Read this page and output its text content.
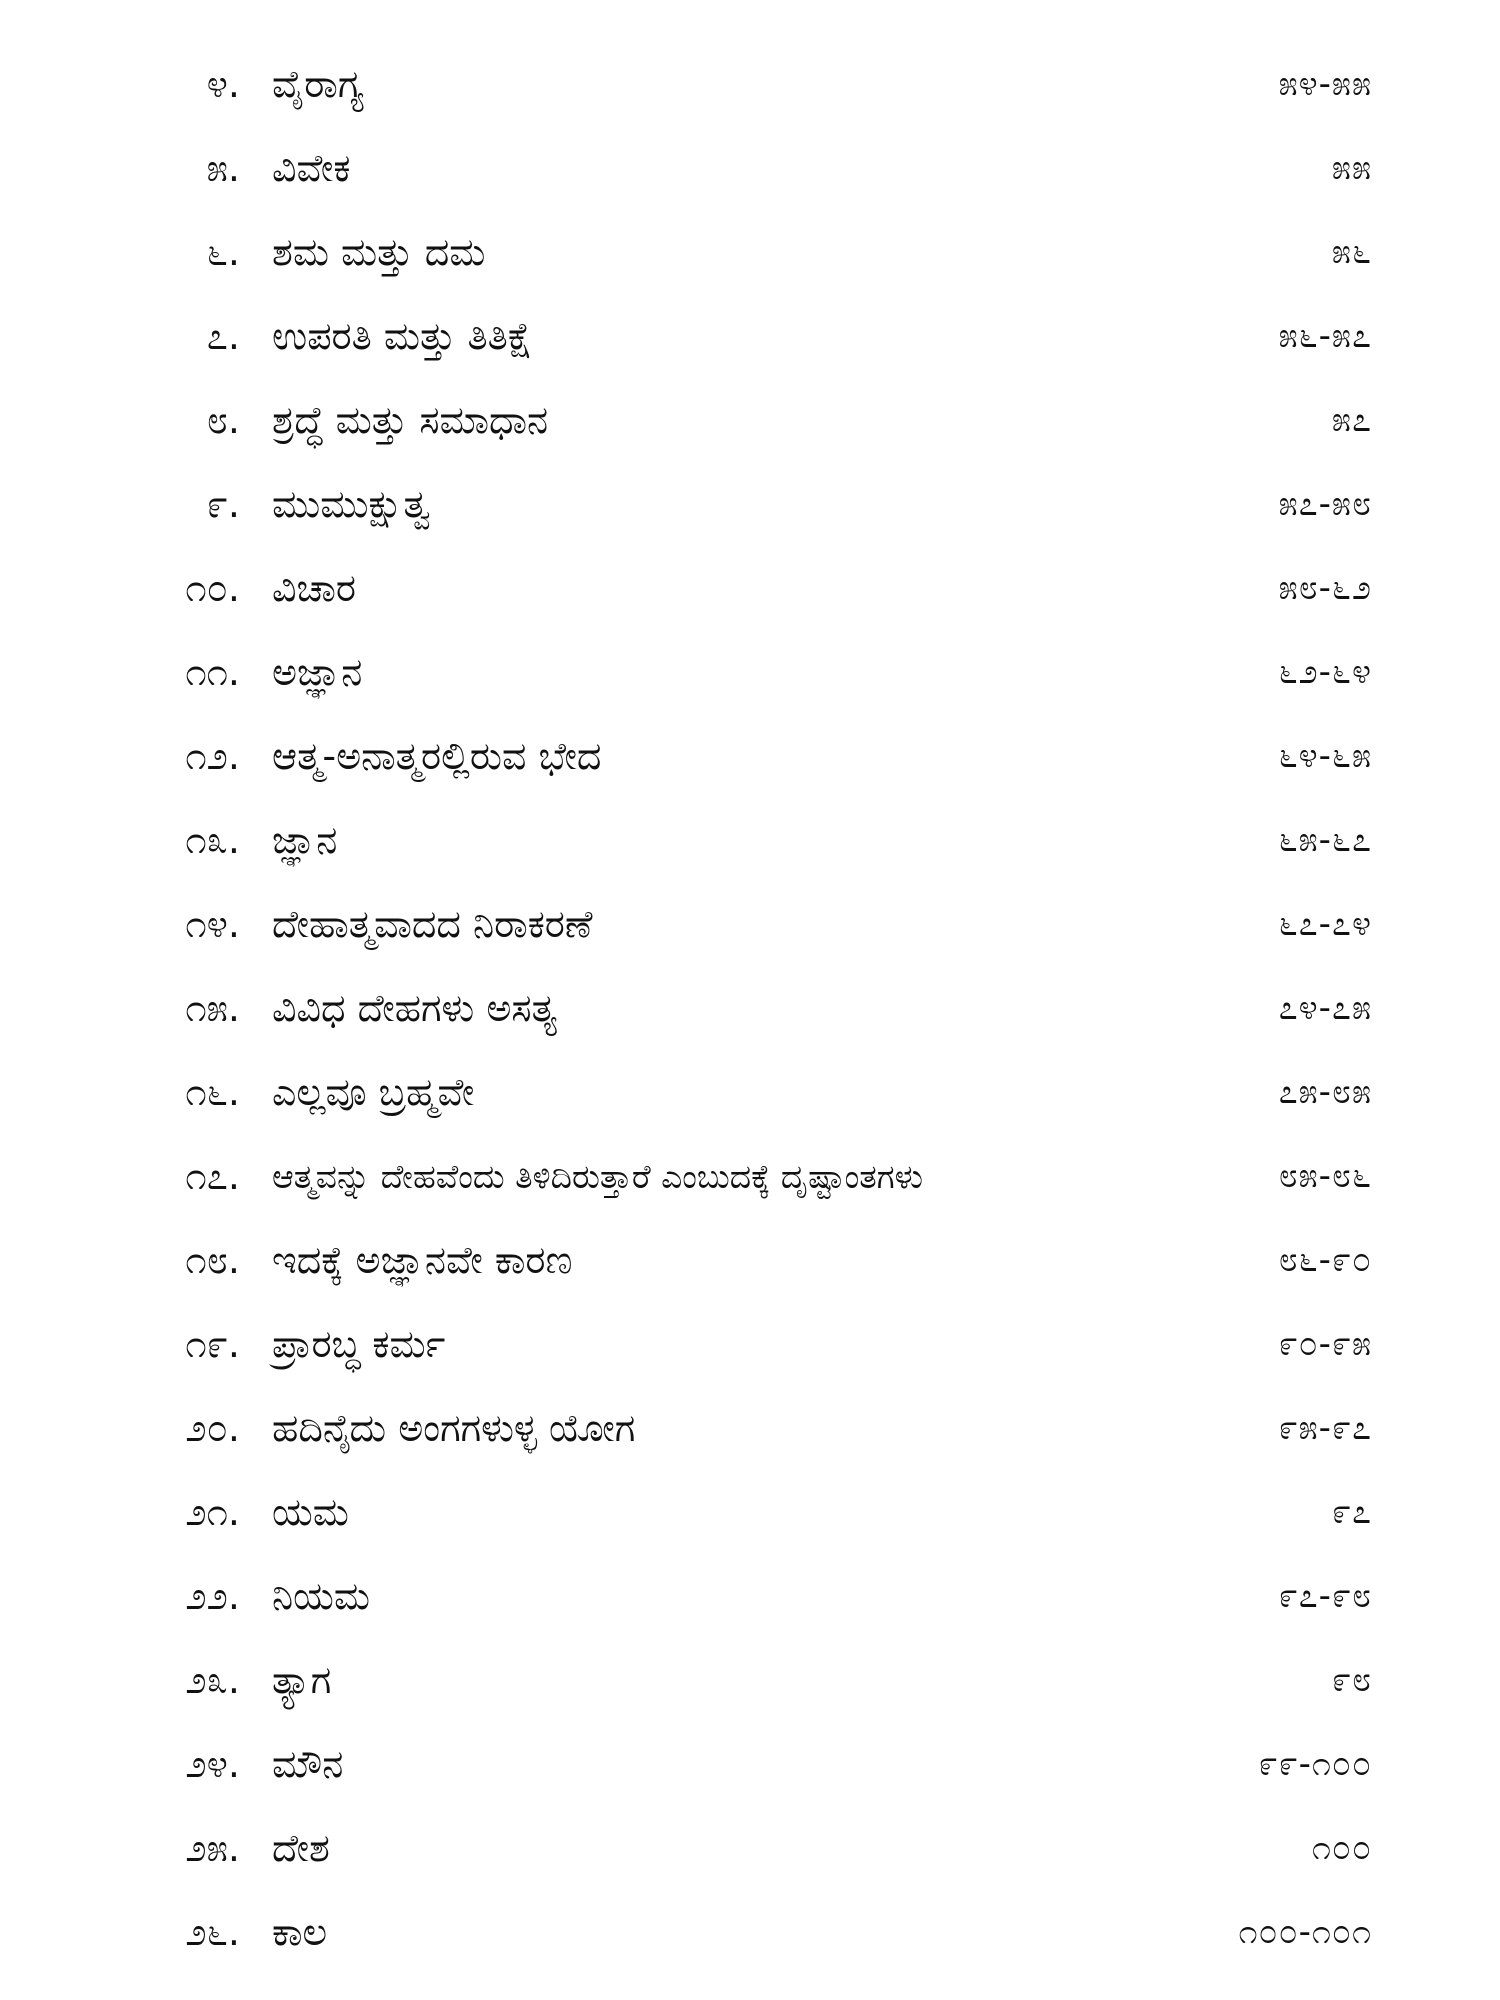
೪. ವೈರಾಗ್ಯ	೫೪-೫೫
೫. ವಿವೇಕ	೫೫
೬. ಶಮ ಮತ್ತು ದಮ	೫೬
೭. ಉಪರತಿ ಮತ್ತು ತಿತಿಕ್ಷೆ	೫೬-೫೭
೮. ಶ್ರದ್ಧೆ ಮತ್ತು ಸಮಾಧಾನ	೫೭
೯. ಮುಮುಕ್ಷುತ್ವ	೫೭-೫೮
೧೦. ವಿಚಾರ	೫೮-೬೨
೧೧. ಅಜ್ಞಾನ	೬೨-೬೪
೧೨. ಆತ್ಮ-ಅನಾತ್ಮರಲ್ಲಿರುವ ಭೇದ	೬೪-೬೫
೧೩. ಜ್ಞಾನ	೬೫-೬೭
೧೪. ದೇಹಾತ್ಮವಾದದ ನಿರಾಕರಣೆ	೬೭-೭೪
೧೫. ವಿವಿಧ ದೇಹಗಳು ಅಸತ್ಯ	೭೪-೭೫
೧೬. ಎಲ್ಲವೂ ಬ್ರಹ್ಮವೇ	೭೫-೮೫
೧೭. ಆತ್ಮವನ್ನು ದೇಹವೆಂದು ತಿಳಿದಿರುತ್ತಾರೆ ಎಂಬುದಕ್ಕೆ ದೃಷ್ಟಾಂತಗಳು	೮೫-೮೬
೧೮. ಇದಕ್ಕೆ ಅಜ್ಞಾನವೇ ಕಾರಣ	೮೬-೯೦
೧೯. ಪ್ರಾರಬ್ಧ ಕರ್ಮ	೯೦-೯೫
೨೦. ಹದಿನೈದು ಅಂಗಗಳುಳ್ಳ ಯೋಗ	೯೫-೯೭
೨೧. ಯಮ	೯೭
೨೨. ನಿಯಮ	೯೭-೯೮
೨೩. ತ್ಯಾಗ	೯೮
೨೪. ಮೌನ	೯೯-೧೦೦
೨೫. ದೇಶ	೧೦೦
೨೬. ಕಾಲ	೧೦೦-೧೦೧
